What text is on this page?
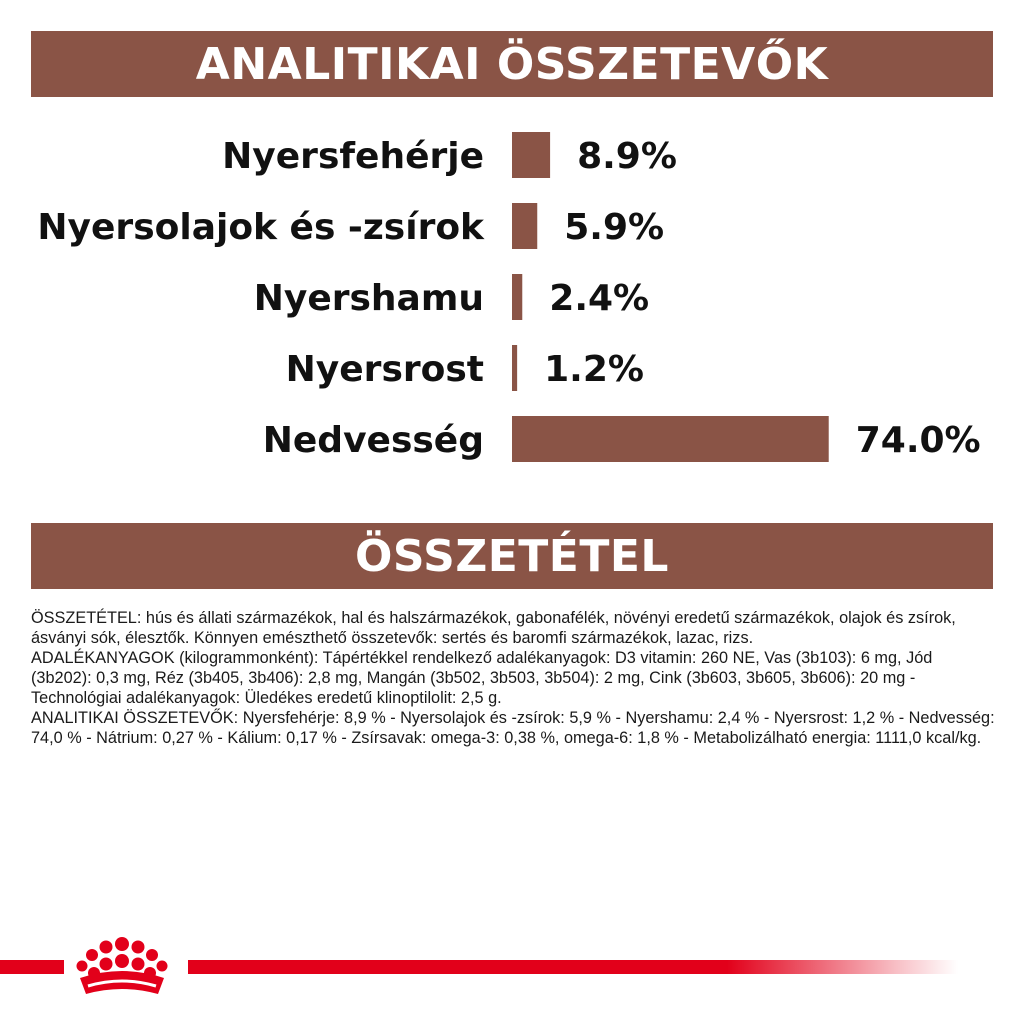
ANALITIKAI ÖSSZETEVŐK
Nyersfehérje	8.9%
Nyersolajok és -zsírok 5.9%
Nyershamu 2.4%
Nyersrost 1.2%
Nedvesség	74.0%
ÖSSZETÉTEL

ÖSSZETÉTEL: hús és állati származékok, hal és halszármazékok, gabonafélék, növényi eredetű származékok, olajok és zsírok, ásványi sók, élesztők. Könnyen emészthető összetevők: sertés és baromfi származékok, lazac, rizs.

ADALÉKANYAGOK (kilogrammonként): Tápértékkel rendelkező adalékanyagok: D3 vitamin: 260 NE, Vas (3b103): 6 mg, Jód (3b202): 0,3 mg, Réz (3b405, 3b406): 2,8 mg, Mangán (3b502, 3b503, 3b504): 2 mg, Cink (3b603, 3b605, 3b606): 20 mg - Technológiai adalékanyagok: Üledékes eredetű klinoptilolit: 2,5 g.

ANALITIKAI ÖSSZETEVŐK: Nyersfehérje: 8,9 % - Nyersolajok és -zsírok: 5,9 % - Nyershamu: 2,4 % - Nyersrost: 1,2 % - Nedvesség: 74,0 % - Nátrium: 0,27 % - Kálium: 0,17 % - Zsírsavak: omega-3: 0,38 %, omega-6: 1,8 % - Metabolizálható energia: 1111,0 kcal/kg.
